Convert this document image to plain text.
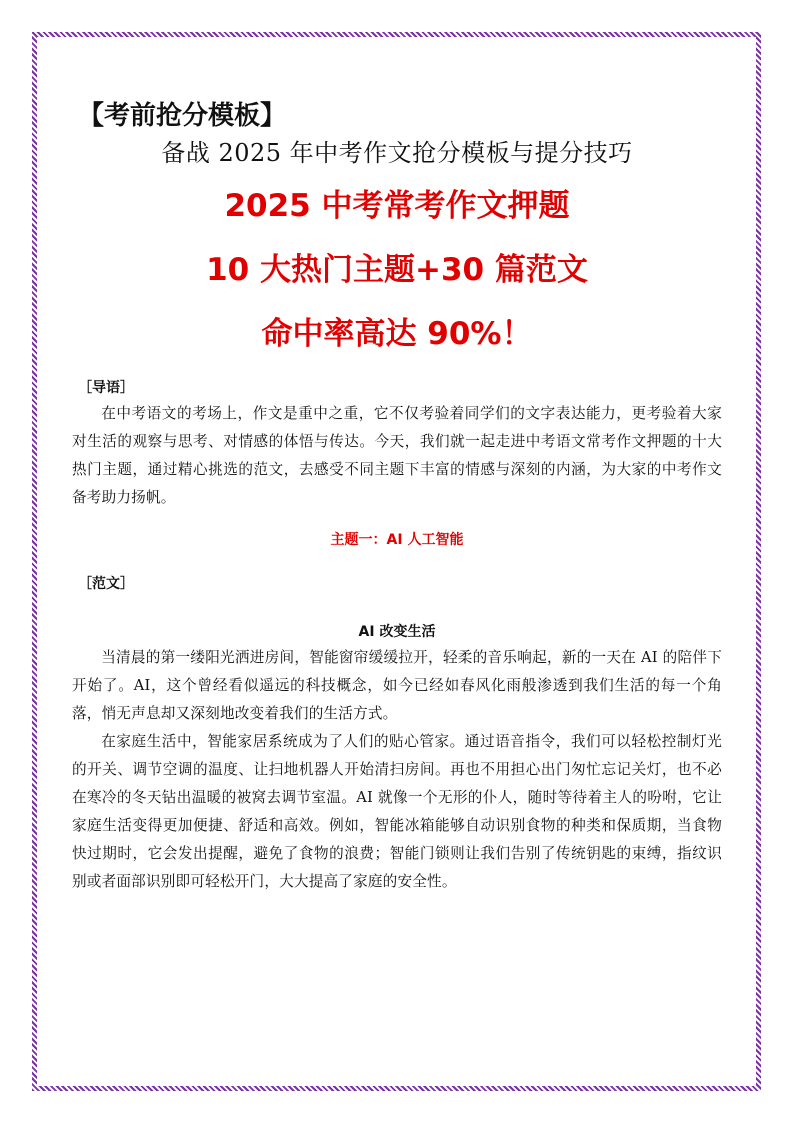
【考前抢分模板】
备战 2025 年中考作文抢分模板与提分技巧
2025 中考常考作文押题
10 大热门主题+30 篇范文
命中率高达 90%！
［导语］

在中考语文的考场上，作文是重中之重，它不仅考验着同学们的文字表达能力，更考验着大家对生活的观察与思考、对情感的体悟与传达。今天，我们就一起走进中考语文常考作文押题的十大热门主题，通过精心挑选的范文，去感受不同主题下丰富的情感与深刻的内涵，为大家的中考作文备考助力扬帆。

主题一：AI 人工智能
［范文］
AI 改变生活

当清晨的第一缕阳光洒进房间，智能窗帘缓缓拉开，轻柔的音乐响起，新的一天在 AI 的陪伴下开始了。AI，这个曾经看似遥远的科技概念，如今已经如春风化雨般渗透到我们生活的每一个角落，悄无声息却又深刻地改变着我们的生活方式。

在家庭生活中，智能家居系统成为了人们的贴心管家。通过语音指令，我们可以轻松控制灯光的开关、调节空调的温度、让扫地机器人开始清扫房间。再也不用担心出门匆忙忘记关灯，也不必在寒冷的冬天钻出温暖的被窝去调节室温。AI 就像一个无形的仆人，随时等待着主人的吩咐，它让家庭生活变得更加便捷、舒适和高效。例如，智能冰箱能够自动识别食物的种类和保质期，当食物快过期时，它会发出提醒，避免了食物的浪费；智能门锁则让我们告别了传统钥匙的束缚，指纹识别或者面部识别即可轻松开门，大大提高了家庭的安全性。
